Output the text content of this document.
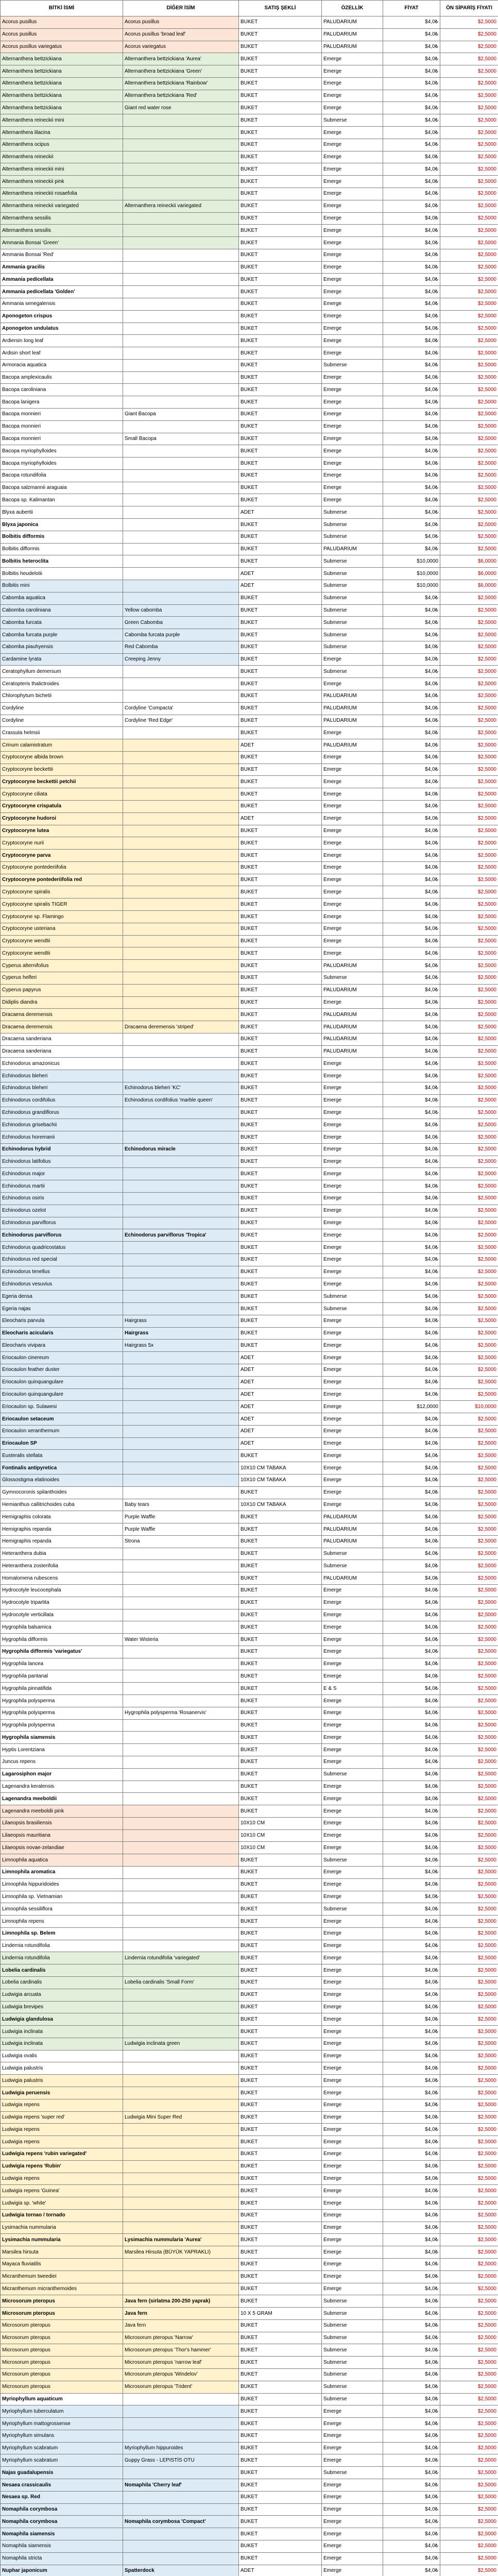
BİTKİ İSMİ	DİĞER İSİM	SATIŞ ŞEKLİ	ÖZELLİK	FİYAT	ÖN SİPARİŞ FİYATI
Acorus pusillus	Acorus pusillus	BUKET	PALUDARIUM	$4,0₺	$2,5000
Acorus pusillus	Acorus pusillus 'broad leaf'	BUKET	PALUDARIUM	$4,0₺	$2,5000
Acorus pusillus variegatus	Acorus variegatus	BUKET	PALUDARIUM	$4,0₺	$2,5000
Alternanthera bettzickiana	Alternanthera bettzickiana 'Aurea'	BUKET	Emerge	$4,0₺	$2,5000
Alternanthera bettzickiana	Alternanthera bettzickiana 'Green'	BUKET	Emerge	$4,0₺	$2,5000
Alternanthera bettzickiana	Alternanthera bettzickiana 'Rainbow'	BUKET	Emerge	$4,0₺	$2,5000
Alternanthera bettzickiana	Alternanthera bettzickiana 'Red'	BUKET	Emerge	$4,0₺	$2,5000
Alternanthera bettzickiana	Giant red water rose	BUKET	Emerge	$4,0₺	$2,5000
Alternanthera reineckii mini		BUKET	Submerse	$4,0₺	$2,5000
Alternanthera lilacina		BUKET	Emerge	$4,0₺	$2,5000
Alternanthera ocipus		BUKET	Emerge	$4,0₺	$2,5000
Alternanthera reineckii		BUKET	Emerge	$4,0₺	$2,5000
Alternanthera reineckii mini		BUKET	Emerge	$4,0₺	$2,5000
Alternanthera reineckii pink		BUKET	Emerge	$4,0₺	$2,5000
Alternanthera reineckii rosaefolia		BUKET	Emerge	$4,0₺	$2,5000
Alternanthera reineckii variegated	Alternanthera reineckii variegated	BUKET	Emerge	$4,0₺	$2,5000
Alternanthera sessilis		BUKET	Emerge	$4,0₺	$2,5000
Alternanthera sessilis		BUKET	Emerge	$4,0₺	$2,5000
Ammania Bonsai 'Green'		BUKET	Emerge	$4,0₺	$2,5000
Ammania Bonsai 'Red'		BUKET	Emerge	$4,0₺	$2,5000
Ammania gracilis		BUKET	Emerge	$4,0₺	$2,5000
Ammania pedicellata		BUKET	Emerge	$4,0₺	$2,5000
Ammania pedicellata 'Golden'		BUKET	Emerge	$4,0₺	$2,5000
Ammania senegalensis		BUKET	Emerge	$4,0₺	$2,5000
Aponogeton crispus		BUKET	Emerge	$4,0₺	$2,5000
Aponogeton undulatus		BUKET	Emerge	$4,0₺	$2,5000
Ardiersin long leaf		BUKET	Emerge	$4,0₺	$2,5000
Ardisin short leaf		BUKET	Emerge	$4,0₺	$2,5000
Armoracia aquatica		BUKET	Submerse	$4,0₺	$2,5000
Bacopa amplexicaulis		BUKET	Emerge	$4,0₺	$2,5000
Bacopa caroliniana		BUKET	Emerge	$4,0₺	$2,5000
Bacopa lanigera		BUKET	Emerge	$4,0₺	$2,5000
Bacopa monnieri	Giant Bacopa	BUKET	Emerge	$4,0₺	$2,5000
Bacopa monnieri		BUKET	Emerge	$4,0₺	$2,5000
Bacopa monnieri	Small Bacopa	BUKET	Emerge	$4,0₺	$2,5000
Bacopa myriophylloides		BUKET	Emerge	$4,0₺	$2,5000
Bacopa myriophylloides		BUKET	Emerge	$4,0₺	$2,5000
Bacopa rotundifolia		BUKET	Emerge	$4,0₺	$2,5000
Bacopa salzmannii araguaia		BUKET	Emerge	$4,0₺	$2,5000
Bacopa sp. Kalimantan		BUKET	Emerge	$4,0₺	$2,5000
Blyxa aubertii		ADET	Submerse	$4,0₺	$2,5000
Blyxa japonica		BUKET	Submerse	$4,0₺	$2,5000
Bolbitis difformis		BUKET	Submerse	$4,0₺	$2,5000
Bolbitis difformis		BUKET	PALUDARIUM	$4,0₺	$2,5000
Bolbitis heteroclita		BUKET	Submerse	$10,0000	$6,0000
Bolbitis heudelotii		ADET	Submerse	$10,0000	$6,0000
Bolbitis mini		ADET	Submerse	$10,0000	$6,0000
Cabomba aquatica		BUKET	Submerse	$4,0₺	$2,5000
Cabomba caroliniana	Yellow cabomba	BUKET	Submerse	$4,0₺	$2,5000
Cabomba furcata	Green Cabomba	BUKET	Submerse	$4,0₺	$2,5000
Cabomba furcata purple	Cabomba furcata purple	BUKET	Submerse	$4,0₺	$2,5000
Cabomba piauhyensis	Red Cabomba	BUKET	Submerse	$4,0₺	$2,5000
Cardamine lyrata	Creeping Jenny	BUKET	Emerge	$4,0₺	$2,5000
Ceratophyllum demersum		BUKET	Submerse	$4,0₺	$2,5000
Ceratopteris thalictroides		BUKET	Emerge	$4,0₺	$2,5000
Chlorophytum bichetii		BUKET	PALUDARIUM	$4,0₺	$2,5000
Cordyline	Cordyline 'Compacta'	BUKET	PALUDARIUM	$4,0₺	$2,5000
Cordyline	Cordyline 'Red Edge'	BUKET	PALUDARIUM	$4,0₺	$2,5000
Crassula helmsii		BUKET	Emerge	$4,0₺	$2,5000
Crinum calamistratum		ADET	PALUDARIUM	$4,0₺	$2,5000
Cryptocoryne albida brown		BUKET	Emerge	$4,0₺	$2,5000
Cryptocoryne beckettii		BUKET	Emerge	$4,0₺	$2,5000
Cryptocoryne beckettii petchii		BUKET	Emerge	$4,0₺	$2,5000
Cryptocoryne ciliata		BUKET	Emerge	$4,0₺	$2,5000
Cryptocoryne crispatula		BUKET	Emerge	$4,0₺	$2,5000
Cryptocoryne hudoroi		ADET	Emerge	$4,0₺	$2,5000
Cryptocoryne lutea		BUKET	Emerge	$4,0₺	$2,5000
Cryptocoryne nurii		BUKET	Emerge	$4,0₺	$2,5000
Cryptocoryne parva		BUKET	Emerge	$4,0₺	$2,5000
Cryptocoryne pontederiifolia		BUKET	Emerge	$4,0₺	$2,5000
Cryptocoryne pontederiifolia red		BUKET	Emerge	$4,0₺	$2,5000
Cryptocoryne spiralis		BUKET	Emerge	$4,0₺	$2,5000
Cryptocoryne spiralis TIGER		BUKET	Emerge	$4,0₺	$2,5000
Cryptocoryne sp. Flamingo		BUKET	Emerge	$4,0₺	$2,5000
Cryptocoryne usteriana		BUKET	Emerge	$4,0₺	$2,5000
Cryptocoryne wendtii		BUKET	Emerge	$4,0₺	$2,5000
Cryptocoryne wendtii		BUKET	Emerge	$4,0₺	$2,5000
Cyperus alternifolius		BUKET	PALUDARIUM	$4,0₺	$2,5000
Cyperus helferi		BUKET	Submerse	$4,0₺	$2,5000
Cyperus papyrus		BUKET	PALUDARIUM	$4,0₺	$2,5000
Didiplis diandra		BUKET	Emerge	$4,0₺	$2,5000
Dracaena deremensis		BUKET	PALUDARIUM	$4,0₺	$2,5000
Dracaena deremensis	Dracaena deremensis 'striped'	BUKET	PALUDARIUM	$4,0₺	$2,5000
Dracaena sanderiana		BUKET	PALUDARIUM	$4,0₺	$2,5000
Dracaena sanderiana		BUKET	PALUDARIUM	$4,0₺	$2,5000
Echinodorus amazonicus		BUKET	Emerge	$4,0₺	$2,5000
Echinodorus bleheri		BUKET	Emerge	$4,0₺	$2,5000
Echinodorus bleheri	Echinodorus bleheri 'KC'	BUKET	Emerge	$4,0₺	$2,5000
Echinodorus cordifolius	Echinodorus cordifolius 'marble queen'	BUKET	Emerge	$4,0₺	$2,5000
Echinodorus grandiflorus		BUKET	Emerge	$4,0₺	$2,5000
Echinodorus grisebachii		BUKET	Emerge	$4,0₺	$2,5000
Echinodorus horemanii		BUKET	Emerge	$4,0₺	$2,5000
Echinodorus hybrid	Echinodorus miracle	BUKET	Emerge	$4,0₺	$2,5000
Echinodorus latifolius		BUKET	Emerge	$4,0₺	$2,5000
Echinodorus major		BUKET	Emerge	$4,0₺	$2,5000
Echinodorus martii		BUKET	Emerge	$4,0₺	$2,5000
Echinodorus osiris		BUKET	Emerge	$4,0₺	$2,5000
Echinodorus ozelot		BUKET	Emerge	$4,0₺	$2,5000
Echinodorus parviflorus		BUKET	Emerge	$4,0₺	$2,5000
Echinodorus parviflorus	Echinodorus parviflorus 'Tropica'	BUKET	Emerge	$4,0₺	$2,5000
Echinodorus quadricostatus		BUKET	Emerge	$4,0₺	$2,5000
Echinodorus red special		BUKET	Emerge	$4,0₺	$2,5000
Echinodorus tenellus		BUKET	Emerge	$4,0₺	$2,5000
Echinodorus vesuvius		BUKET	Emerge	$4,0₺	$2,5000
Egeria densa		BUKET	Submerse	$4,0₺	$2,5000
Egeria najas		BUKET	Submerse	$4,0₺	$2,5000
Eleocharis parvula	Hairgrass	BUKET	Emerge	$4,0₺	$2,5000
Eleocharis acicularis	Hairgrass	BUKET	Emerge	$4,0₺	$2,5000
Eleocharis vivipara	Hairgrass 5x	BUKET	Emerge	$4,0₺	$2,5000
Eriocaulon cinereum		ADET	Emerge	$4,0₺	$2,5000
Eriocaulon feather duster		ADET	Emerge	$4,0₺	$2,5000
Eriocaulon quinquangulare		ADET	Emerge	$4,0₺	$2,5000
Eriocaulon quinquangulare		ADET	Emerge	$4,0₺	$2,5000
Eriocaulon sp. Sulawesi		ADET	Emerge	$12,0000	$10,0000
Eriocaulon setaceum		ADET	Emerge	$4,0₺	$2,5000
Eriocaulon xeranthemum		ADET	Emerge	$4,0₺	$2,5000
Eriocaulon SP		ADET	Emerge	$4,0₺	$2,5000
Eusteralis stellata		BUKET	Emerge	$4,0₺	$2,5000
Fontinalis antipyretica		10X10 CM TABAKA	Emerge	$4,0₺	$2,5000
Glossostigma elatinoides		10X10 CM TABAKA	Emerge	$4,0₺	$2,5000
Gymnocoronis spilanthoides		BUKET	Emerge	$4,0₺	$2,5000
Hemianthus callitrichoides cuba	Baby tears	10X10 CM TABAKA	Emerge	$4,0₺	$2,5000
Hemigraphis colorata	Purple Waffle	BUKET	PALUDARIUM	$4,0₺	$2,5000
Hemigraphis repanda	Purple Waffle	BUKET	PALUDARIUM	$4,0₺	$2,5000
Hemigraphis repanda	Strona	BUKET	PALUDARIUM	$4,0₺	$2,5000
Heteranthera dubia		BUKET	Submerse	$4,0₺	$2,5000
Heteranthera zosterifolia		BUKET	Submerse	$4,0₺	$2,5000
Homalomena rubescens		BUKET	PALUDARIUM	$4,0₺	$2,5000
Hydrocotyle leucocephala		BUKET	Emerge	$4,0₺	$2,5000
Hydrocotyle tripartita		BUKET	Emerge	$4,0₺	$2,5000
Hydrocotyle verticillata		BUKET	Emerge	$4,0₺	$2,5000
Hygrophila balsamica		BUKET	Emerge	$4,0₺	$2,5000
Hygrophila difformis	Water Wisteria	BUKET	Emerge	$4,0₺	$2,5000
Hygrophila difformis 'variegatus'		BUKET	Emerge	$4,0₺	$2,5000
Hygrophila lancea		BUKET	Emerge	$4,0₺	$2,5000
Hygrophila pantanal		BUKET	Emerge	$4,0₺	$2,5000
Hygrophila pinnatifida		BUKET	E & S	$4,0₺	$2,5000
Hygrophila polysperma		BUKET	Emerge	$4,0₺	$2,5000
Hygrophila polysperma	Hygrophila polysperma 'Rosanervis'	BUKET	Emerge	$4,0₺	$2,5000
Hygrophila polysperma		BUKET	Emerge	$4,0₺	$2,5000
Hygrophila siamensis		BUKET	Emerge	$4,0₺	$2,5000
Hyptis Lorentziana		BUKET	Emerge	$4,0₺	$2,5000
Juncus repens		BUKET	Emerge	$4,0₺	$2,5000
Lagarosiphon major		BUKET	Submerse	$4,0₺	$2,5000
Lagenandra keralensis		BUKET	Emerge	$4,0₺	$2,5000
Lagenandra meeboldii		BUKET	Emerge	$4,0₺	$2,5000
Lagenandra meeboldii pink		BUKET	Emerge	$4,0₺	$2,5000
Lilaeopsis brasiliensis		10X10 CM	Emerge	$4,0₺	$2,5000
Lilaeopsis mauritiana		10X10 CM	Emerge	$4,0₺	$2,5000
Lilaeopsis novae-zelandiae		10X10 CM	Emerge	$4,0₺	$2,5000
Limnophila aquatica		BUKET	Submerse	$4,0₺	$2,5000
Limnophila aromatica		BUKET	Emerge	$4,0₺	$2,5000
Limnophila hippuridoides		BUKET	Emerge	$4,0₺	$2,5000
Limnophila sp. Vietnamian		BUKET	Emerge	$4,0₺	$2,5000
Limnophila sessiliflora		BUKET	Submerse	$4,0₺	$2,5000
Limnophila repens		BUKET	Emerge	$4,0₺	$2,5000
Limnophila sp. Belem		BUKET	Emerge	$4,0₺	$2,5000
Lindernia rotundifolia		BUKET	Emerge	$4,0₺	$2,5000
Lindernia rotundifolia	Lindernia rotundifolia 'variegated'	BUKET	Emerge	$4,0₺	$2,5000
Lobelia cardinalis		BUKET	Emerge	$4,0₺	$2,5000
Lobelia cardinalis	Lobelia cardinalis 'Small Form'	BUKET	Emerge	$4,0₺	$2,5000
Ludwigia arcuata		BUKET	Emerge	$4,0₺	$2,5000
Ludwigia brevipes		BUKET	Emerge	$4,0₺	$2,5000
Ludwigia glandulosa		BUKET	Emerge	$4,0₺	$2,5000
Ludwigia inclinata		BUKET	Emerge	$4,0₺	$2,5000
Ludwigia inclinata	Ludwigia inclinata green	BUKET	Emerge	$4,0₺	$2,5000
Ludwigia ovalis		BUKET	Emerge	$4,0₺	$2,5000
Ludwigia palustris		BUKET	Emerge	$4,0₺	$2,5000
Ludwigia palustris		BUKET	Emerge	$4,0₺	$2,5000
Ludwigia peruensis		BUKET	Emerge	$4,0₺	$2,5000
Ludwigia repens		BUKET	Emerge	$4,0₺	$2,5000
Ludwigia repens 'super red'	Ludwigia Mini Super Red	BUKET	Emerge	$4,0₺	$2,5000
Ludwigia repens		BUKET	Emerge	$4,0₺	$2,5000
Ludwigia repens		BUKET	Emerge	$4,0₺	$2,5000
Ludwigia repens 'rubin variegated'		BUKET	Emerge	$4,0₺	$2,5000
Ludwigia repens 'Rubin'		BUKET	Emerge	$4,0₺	$2,5000
Ludwigia repens		BUKET	Emerge	$4,0₺	$2,5000
Ludwigia repens 'Guinea'		BUKET	Emerge	$4,0₺	$2,5000
Ludwigia sp. 'white'		BUKET	Emerge	$4,0₺	$2,5000
Ludwigia tornao / tornado		BUKET	Emerge	$4,0₺	$2,5000
Lysimachia nummularia		BUKET	Emerge	$4,0₺	$2,5000
Lysimachia nummularia	Lysimachia nummularia 'Aurea'	BUKET	Emerge	$4,0₺	$2,5000
Marsilea hirsuta	Marsilea Hirsuta (BÜYÜK YAPRAKLI)	BUKET	Emerge	$4,0₺	$2,5000
Mayaca fluviatilis		BUKET	Emerge	$4,0₺	$2,5000
Micranthemum tweediei		BUKET	Emerge	$4,0₺	$2,5000
Micranthemum micranthemoides		BUKET	Emerge	$4,0₺	$2,5000
Microsorum pteropus	Java fern (sirlatma 200-250 yaprak)	BUKET	Submerse	$4,0₺	$2,5000
Microsorum pteropus	Java fern	10 X 5 GRAM	Submerse	$4,0₺	$2,5000
Microsorum pteropus	Java fern	BUKET	Submerse	$4,0₺	$2,5000
Microsorum pteropus	Microsorum pteropus 'Narrow'	BUKET	Submerse	$4,0₺	$2,5000
Microsorum pteropus	Microsorum pteropus 'Thor's hammer'	BUKET	Submerse	$4,0₺	$2,5000
Microsorum pteropus	Microsorum pteropus 'narrow leaf'	BUKET	Submerse	$4,0₺	$2,5000
Microsorum pteropus	Microsorum pteropus 'Windelov'	BUKET	Submerse	$4,0₺	$2,5000
Microsorum pteropus	Microsorum pteropus 'Trident'	BUKET	Submerse	$4,0₺	$2,5000
Myriophyllum aquaticum		BUKET	Submerse	$4,0₺	$2,5000
Myriophyllum tuberculatum		BUKET	Emerge	$4,0₺	$2,5000
Myriophyllum mattogrossense		BUKET	Emerge	$4,0₺	$2,5000
Myriophyllum simulans		BUKET	Emerge	$4,0₺	$2,5000
Myriophyllum scabratum	Myriophyllum hippuroides	BUKET	Emerge	$4,0₺	$2,5000
Myriophyllum scabratum	Guppy Grass - LEPISTİS OTU	BUKET	Emerge	$4,0₺	$2,5000
Najas guadalupensis		BUKET	Submerse	$4,0₺	$2,5000
Nesaea crassicaulis	Nomaphila 'Cherry leaf'	BUKET	Emerge	$4,0₺	$2,5000
Nesaea sp. Red		BUKET	Emerge	$4,0₺	$2,5000
Nomaphila corymbosa		BUKET	Emerge	$4,0₺	$2,5000
Nomaphila corymbosa	Nomaphila corymbosa 'Compact'	BUKET	Emerge	$4,0₺	$2,5000
Nomaphila siamensis		BUKET	Emerge	$4,0₺	$2,5000
Nomaphila siamensis		BUKET	Emerge	$4,0₺	$2,5000
Nomaphila stricta		BUKET	Emerge	$4,0₺	$2,5000
Nuphar japonicum	Spatterdock	ADET	Emerge	$4,0₺	$2,5000
